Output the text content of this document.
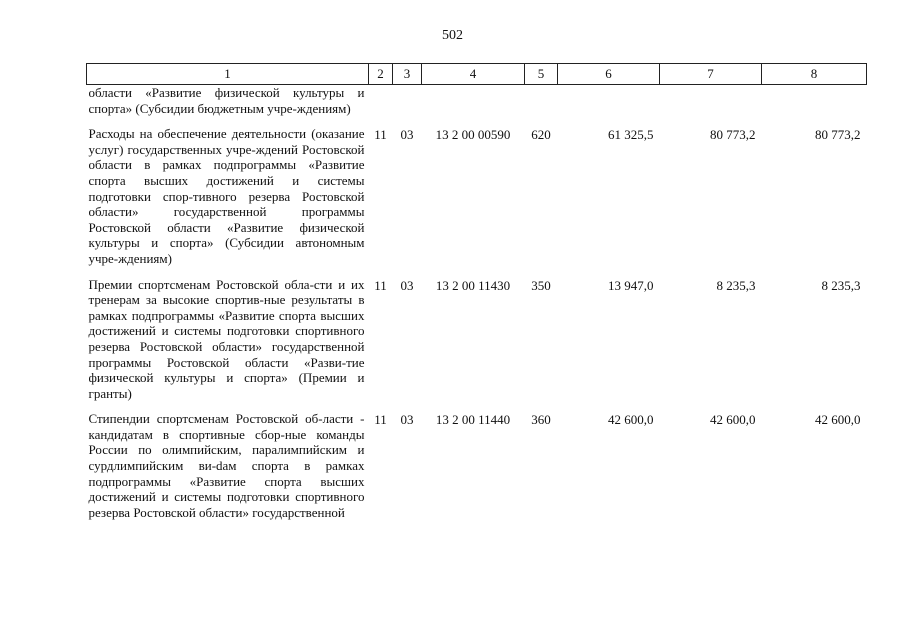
502
1	2	3	4	5	6	7	8
области «Развитие физической культуры и спорта» (Субсидии бюджетным учре-ждениям)							

Расходы на обеспечение деятельности (оказание услуг) государственных учре-ждений Ростовской области в рамках подпрограммы «Развитие спорта высших достижений и системы подготовки спор-тивного резерва Ростовской области» государственной программы Ростовской области «Развитие физической культуры и спорта» (Субсидии автономным учре-ждениям)	11	03	13 2 00 00590	620	61 325,5	80 773,2	80 773,2

Премии спортсменам Ростовской обла-сти и их тренерам за высокие спортив-ные результаты в рамках подпрограммы «Развитие спорта высших достижений и системы подготовки спортивного резерва Ростовской области» государственной программы Ростовской области «Разви-тие физической культуры и спорта» (Премии и гранты)	11	03	13 2 00 11430	350	13 947,0	8 235,3	8 235,3

Стипендии спортсменам Ростовской об-ласти - кандидатам в спортивные сбор-ные команды России по олимпийским, паралимпийским и сурдлимпийским ви-dам спорта в рамках подпрограммы «Развитие спорта высших достижений и системы подготовки спортивного резерва Ростовской области» государственной	11	03	13 2 00 11440	360	42 600,0	42 600,0	42 600,0
